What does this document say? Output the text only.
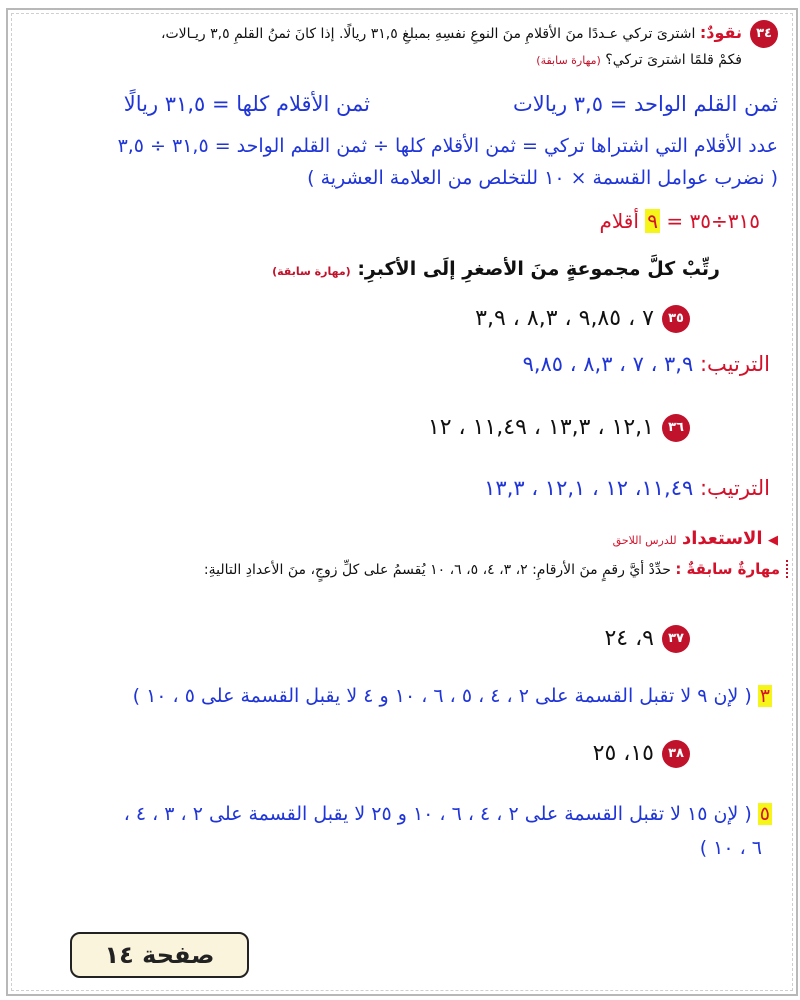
٣٤نقودٌ: اشترىَ تركي عـددًا منَ الأقلامِ منَ النوعِ نفسِهِ بمبلغِ ٣١,٥ ريالًا. إذا كانَ ثمنُ القلمِ ٣,٥ ريـالات،
فكمْ قلمًا اشترىَ تركي؟ (مهارة سابقة)
ثمن القلم الواحد = ٣,٥ ريالات
ثمن الأقلام كلها = ٣١,٥ ريالًا
عدد الأقلام التي اشتراها تركي = ثمن الأقلام كلها ÷ ثمن القلم الواحد = ٣١,٥ ÷ ٣,٥
( نضرب عوامل القسمة × ١٠ للتخلص من العلامة العشرية )
٣١٥÷٣٥ = ٩ أقلام
رتِّبْ كلَّ مجموعةٍ منَ الأصغرِ إلَى الأكبرِ: (مهارة سابقة)
٣٥٧ ، ٩,٨٥ ، ٨,٣ ، ٣,٩
الترتيب: ٣,٩ ، ٧ ، ٨,٣ ، ٩,٨٥
٣٦١٢,١ ، ١٣,٣ ، ١١,٤٩ ، ١٢
الترتيب: ١١,٤٩، ١٢ ، ١٢,١ ، ١٣,٣
◀ الاستعداد للدرس اللاحق
مهارةٌ سابقةٌ : حدِّدْ أيَّ رقمٍ منَ الأرقامِ: ٢، ٣، ٤، ٥، ٦، ١٠ يُقسمُ على كلِّ زوجٍ، منَ الأعدادِ التاليةِ:
٣٧٩، ٢٤
٣ ( لإن ٩ لا تقبل القسمة على ٢ ، ٤ ، ٥ ، ٦ ، ١٠ و ٤ لا يقبل القسمة على ٥ ، ١٠ )
٣٨١٥، ٢٥
٥ ( لإن ١٥ لا تقبل القسمة على ٢ ، ٤ ، ٦ ، ١٠ و ٢٥ لا يقبل القسمة على ٢ ، ٣ ، ٤ ،
٦ ، ١٠ )
صفحة ١٤
